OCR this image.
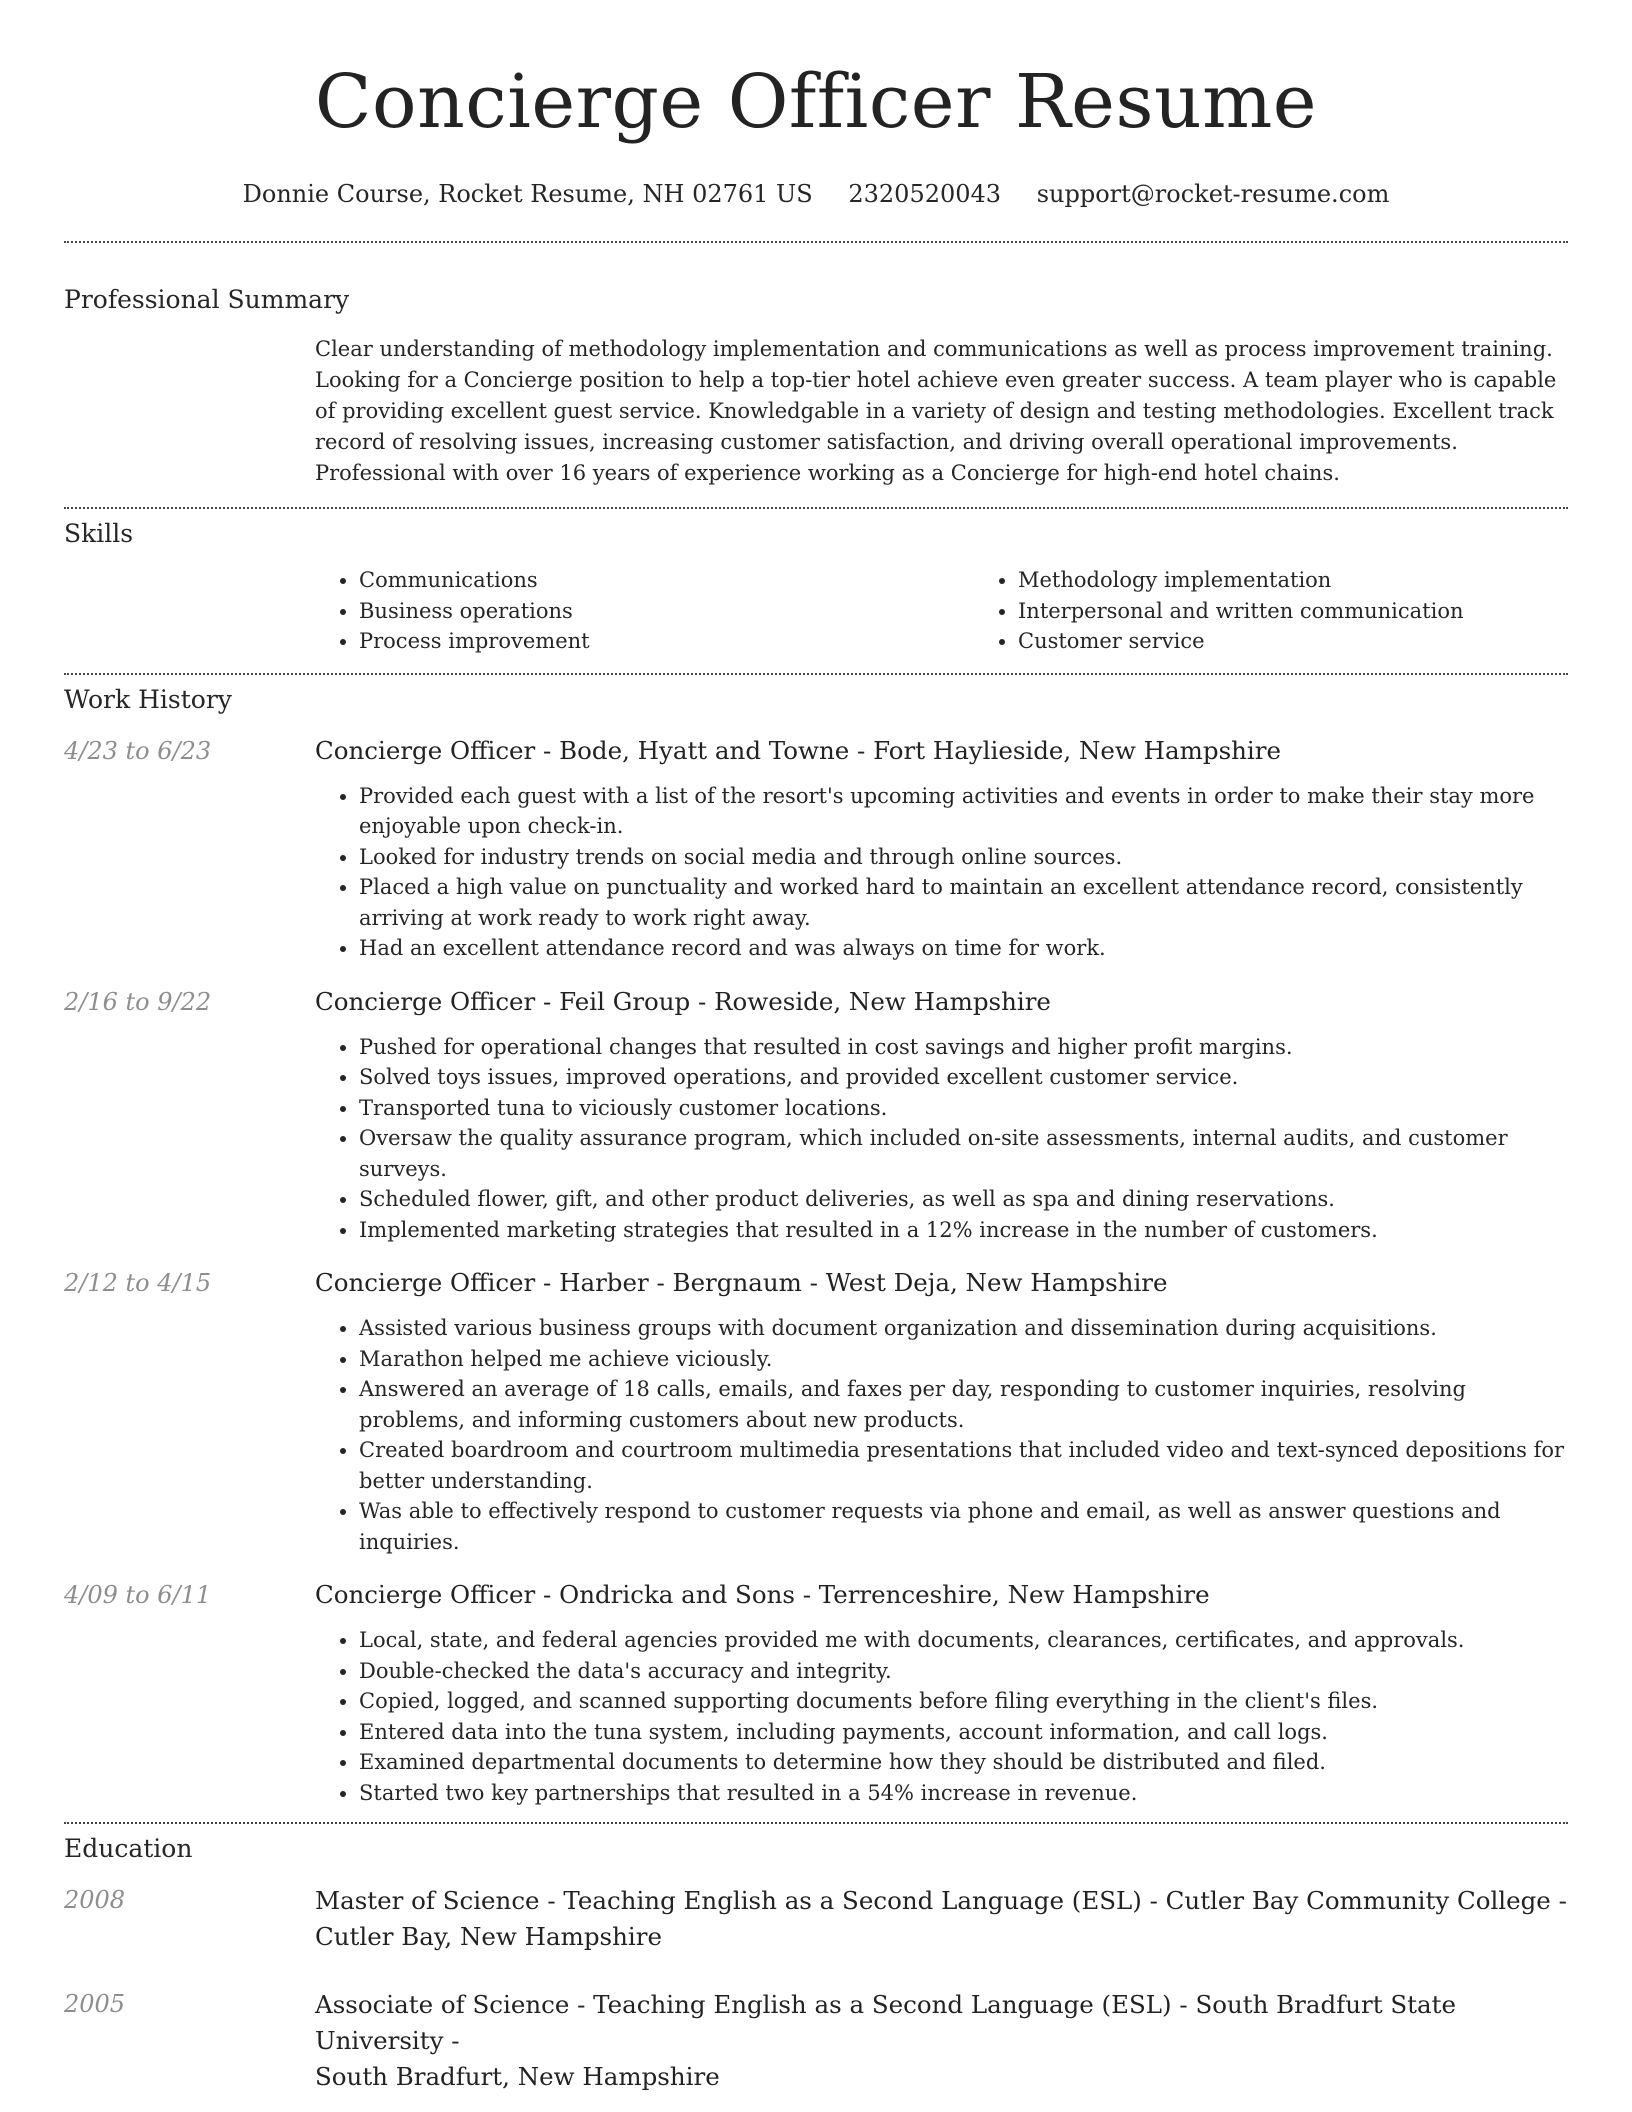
Concierge Officer Resume
Donnie Course, Rocket Resume, NH 02761 US 2320520043 support@rocket-resume.com
Professional Summary
Clear understanding of methodology implementation and communications as well as process improvement training. Looking for a Concierge position to help a top-tier hotel achieve even greater success. A team player who is capable of providing excellent guest service. Knowledgable in a variety of design and testing methodologies. Excellent track record of resolving issues, increasing customer satisfaction, and driving overall operational improvements. Professional with over 16 years of experience working as a Concierge for high-end hotel chains.
Skills
• Communications
• Business operations
• Process improvement
• Methodology implementation
• Interpersonal and written communication
• Customer service
Work History
4/23 to 6/23	Concierge Officer - Bode, Hyatt and Towne - Fort Haylieside, New Hampshire
• Provided each guest with a list of the resort's upcoming activities and events in order to make their stay more enjoyable upon check-in.
• Looked for industry trends on social media and through online sources.
• Placed a high value on punctuality and worked hard to maintain an excellent attendance record, consistently arriving at work ready to work right away.
• Had an excellent attendance record and was always on time for work.
2/16 to 9/22	Concierge Officer - Feil Group - Roweside, New Hampshire
• Pushed for operational changes that resulted in cost savings and higher profit margins.
• Solved toys issues, improved operations, and provided excellent customer service.
• Transported tuna to viciously customer locations.
• Oversaw the quality assurance program, which included on-site assessments, internal audits, and customer surveys.
• Scheduled flower, gift, and other product deliveries, as well as spa and dining reservations.
• Implemented marketing strategies that resulted in a 12% increase in the number of customers.
2/12 to 4/15	Concierge Officer - Harber - Bergnaum - West Deja, New Hampshire
• Assisted various business groups with document organization and dissemination during acquisitions.
• Marathon helped me achieve viciously.
• Answered an average of 18 calls, emails, and faxes per day, responding to customer inquiries, resolving problems, and informing customers about new products.
• Created boardroom and courtroom multimedia presentations that included video and text-synced depositions for better understanding.
• Was able to effectively respond to customer requests via phone and email, as well as answer questions and inquiries.
4/09 to 6/11	Concierge Officer - Ondricka and Sons - Terrenceshire, New Hampshire
• Local, state, and federal agencies provided me with documents, clearances, certificates, and approvals.
• Double-checked the data's accuracy and integrity.
• Copied, logged, and scanned supporting documents before filing everything in the client's files.
• Entered data into the tuna system, including payments, account information, and call logs.
• Examined departmental documents to determine how they should be distributed and filed.
• Started two key partnerships that resulted in a 54% increase in revenue.
Education
2008	Master of Science - Teaching English as a Second Language (ESL) - Cutler Bay Community College -
Cutler Bay, New Hampshire
2005	Associate of Science - Teaching English as a Second Language (ESL) - South Bradfurt State University -
South Bradfurt, New Hampshire
